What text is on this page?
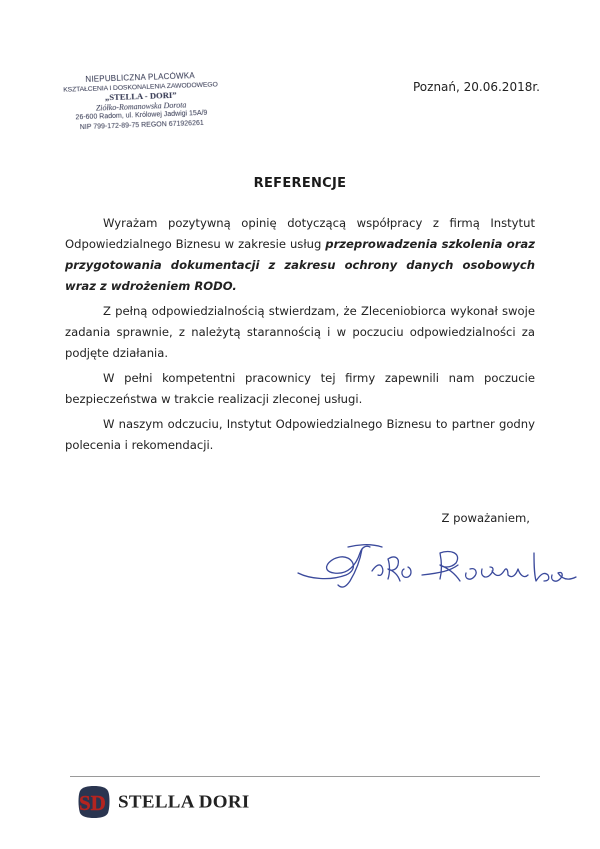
NIEPUBLICZNA PLACÓWKA
KSZTAŁCENIA I DOSKONALENIA ZAWODOWEGO
„STELLA - DORI”
Ziółko-Romanowska Dorota
26-600 Radom, ul. Królowej Jadwigi 15A/9
NIP 799-172-89-75 REGON 671926261
Poznań, 20.06.2018r.
REFERENCJE

Wyrażam pozytywną opinię dotyczącą współpracy z firmą Instytut Odpowiedzialnego Biznesu w zakresie usług przeprowadzenia szkolenia oraz przygotowania dokumentacji z zakresu ochrony danych osobowych wraz z wdrożeniem RODO.

Z pełną odpowiedzialnością stwierdzam, że Zleceniobiorca wykonał swoje zadania sprawnie, z należytą starannością i w poczuciu odpowiedzialności za podjęte działania.

W pełni kompetentni pracownicy tej firmy zapewnili nam poczucie bezpieczeństwa w trakcie realizacji zleconej usługi.

W naszym odczuciu, Instytut Odpowiedzialnego Biznesu to partner godny polecenia i rekomendacji.

Z poważaniem,
SD STELLA DORI
